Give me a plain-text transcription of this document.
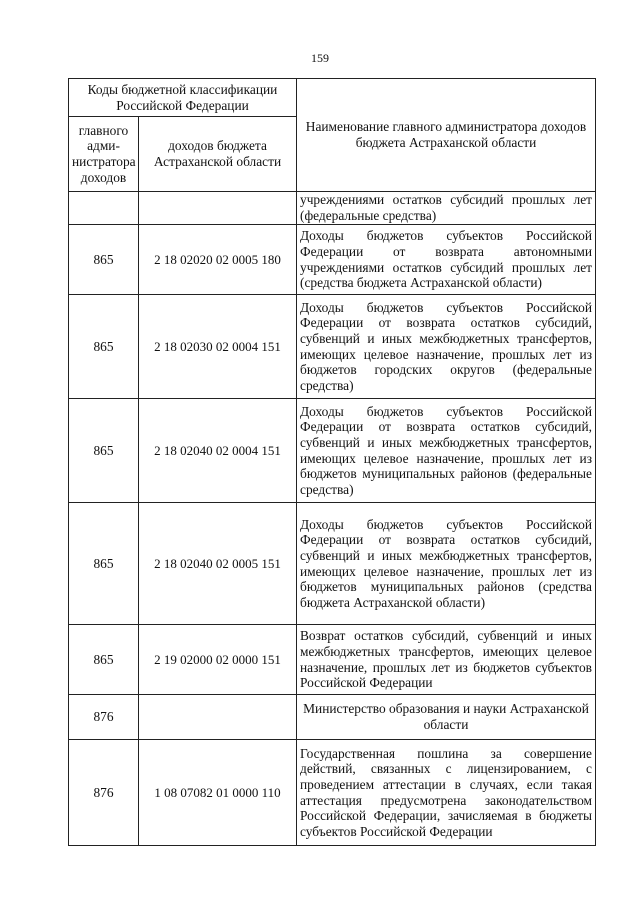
159
Коды бюджетной классификации Российской Федерации		Наименование главного администратора доходов бюджета Астраханской области
главного адми-нистратора доходов	доходов бюджета Астраханской области	
		учреждениями остатков субсидий прошлых лет (федеральные средства)
865	2 18 02020 02 0005 180	Доходы бюджетов субъектов Российской Федерации от возврата автономными учреждениями остатков субсидий прошлых лет (средства бюджета Астраханской области)
865	2 18 02030 02 0004 151	Доходы бюджетов субъектов Российской Федерации от возврата остатков субсидий, субвенций и иных межбюджетных трансфертов, имеющих целевое назначение, прошлых лет из бюджетов городских округов (федеральные средства)
865	2 18 02040 02 0004 151	Доходы бюджетов субъектов Российской Федерации от возврата остатков субсидий, субвенций и иных межбюджетных трансфертов, имеющих целевое назначение, прошлых лет из бюджетов муниципальных районов (федеральные средства)
865	2 18 02040 02 0005 151	Доходы бюджетов субъектов Российской Федерации от возврата остатков субсидий, субвенций и иных межбюджетных трансфертов, имеющих целевое назначение, прошлых лет из бюджетов муниципальных районов (средства бюджета Астраханской области)
865	2 19 02000 02 0000 151	Возврат остатков субсидий, субвенций и иных межбюджетных трансфертов, имеющих целевое назначение, прошлых лет из бюджетов субъектов Российской Федерации
876		Министерство образования и науки Астраханской области
876	1 08 07082 01 0000 110	Государственная пошлина за совершение действий, связанных с лицензированием, с проведением аттестации в случаях, если такая аттестация предусмотрена законодательством Российской Федерации, зачисляемая в бюджеты субъектов Российской Федерации
